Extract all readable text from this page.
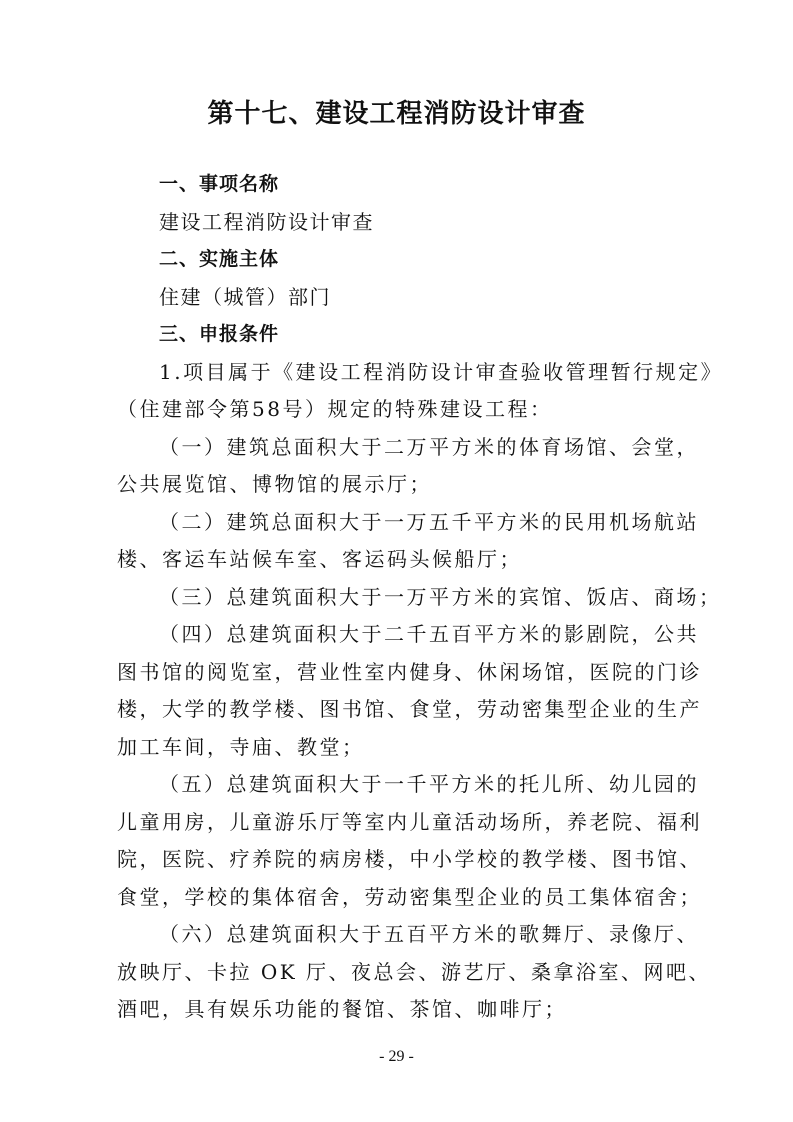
第十七、建设工程消防设计审查

一、事项名称

建设工程消防设计审查

二、实施主体

住建（城管）部门

三、申报条件

1.项目属于《建设工程消防设计审查验收管理暂行规定》

（住建部令第58号）规定的特殊建设工程：

（一）建筑总面积大于二万平方米的体育场馆、会堂，

公共展览馆、博物馆的展示厅；

（二）建筑总面积大于一万五千平方米的民用机场航站

楼、客运车站候车室、客运码头候船厅；

（三）总建筑面积大于一万平方米的宾馆、饭店、商场；

（四）总建筑面积大于二千五百平方米的影剧院，公共

图书馆的阅览室，营业性室内健身、休闲场馆，医院的门诊

楼，大学的教学楼、图书馆、食堂，劳动密集型企业的生产

加工车间，寺庙、教堂；

（五）总建筑面积大于一千平方米的托儿所、幼儿园的

儿童用房，儿童游乐厅等室内儿童活动场所，养老院、福利

院，医院、疗养院的病房楼，中小学校的教学楼、图书馆、

食堂，学校的集体宿舍，劳动密集型企业的员工集体宿舍；

（六）总建筑面积大于五百平方米的歌舞厅、录像厅、

放映厅、卡拉 OK 厅、夜总会、游艺厅、桑拿浴室、网吧、

酒吧，具有娱乐功能的餐馆、茶馆、咖啡厅；

- 29 -
